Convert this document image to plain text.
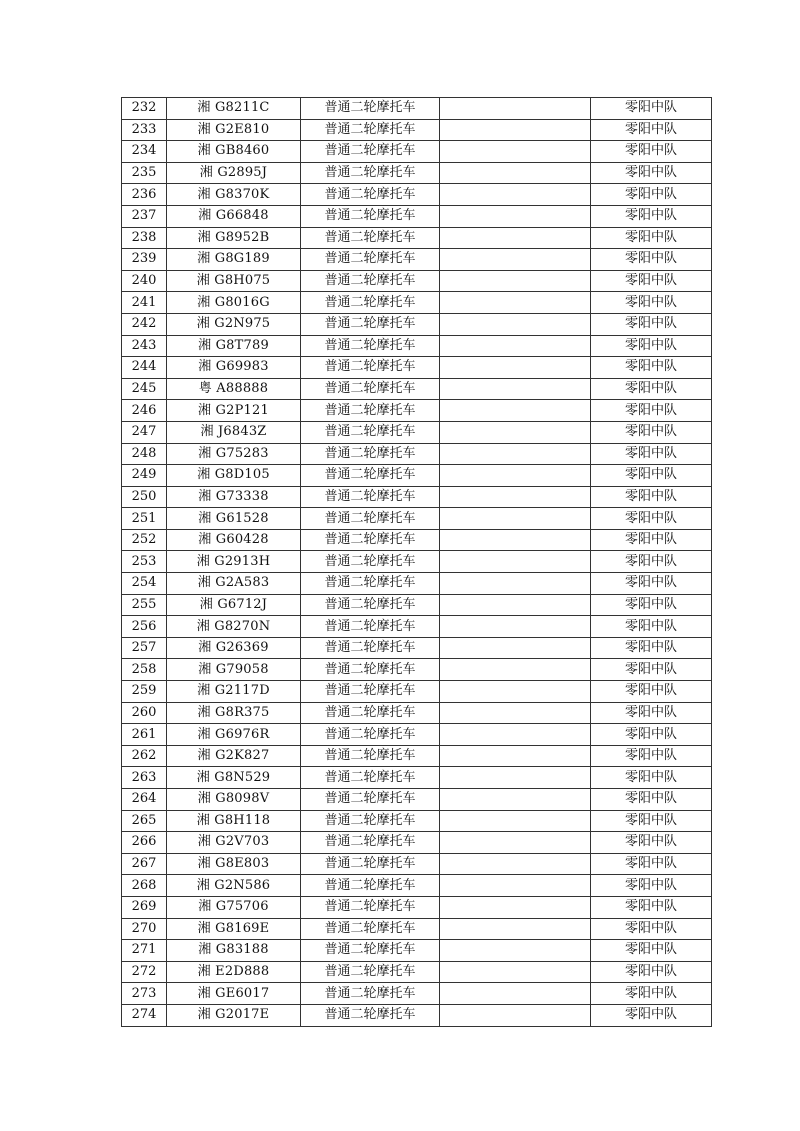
232	湘 G8211C	普通二轮摩托车		零阳中队
233	湘 G2E810	普通二轮摩托车		零阳中队
234	湘 GB8460	普通二轮摩托车		零阳中队
235	湘 G2895J	普通二轮摩托车		零阳中队
236	湘 G8370K	普通二轮摩托车		零阳中队
237	湘 G66848	普通二轮摩托车		零阳中队
238	湘 G8952B	普通二轮摩托车		零阳中队
239	湘 G8G189	普通二轮摩托车		零阳中队
240	湘 G8H075	普通二轮摩托车		零阳中队
241	湘 G8016G	普通二轮摩托车		零阳中队
242	湘 G2N975	普通二轮摩托车		零阳中队
243	湘 G8T789	普通二轮摩托车		零阳中队
244	湘 G69983	普通二轮摩托车		零阳中队
245	粤 A88888	普通二轮摩托车		零阳中队
246	湘 G2P121	普通二轮摩托车		零阳中队
247	湘 J6843Z	普通二轮摩托车		零阳中队
248	湘 G75283	普通二轮摩托车		零阳中队
249	湘 G8D105	普通二轮摩托车		零阳中队
250	湘 G73338	普通二轮摩托车		零阳中队
251	湘 G61528	普通二轮摩托车		零阳中队
252	湘 G60428	普通二轮摩托车		零阳中队
253	湘 G2913H	普通二轮摩托车		零阳中队
254	湘 G2A583	普通二轮摩托车		零阳中队
255	湘 G6712J	普通二轮摩托车		零阳中队
256	湘 G8270N	普通二轮摩托车		零阳中队
257	湘 G26369	普通二轮摩托车		零阳中队
258	湘 G79058	普通二轮摩托车		零阳中队
259	湘 G2117D	普通二轮摩托车		零阳中队
260	湘 G8R375	普通二轮摩托车		零阳中队
261	湘 G6976R	普通二轮摩托车		零阳中队
262	湘 G2K827	普通二轮摩托车		零阳中队
263	湘 G8N529	普通二轮摩托车		零阳中队
264	湘 G8098V	普通二轮摩托车		零阳中队
265	湘 G8H118	普通二轮摩托车		零阳中队
266	湘 G2V703	普通二轮摩托车		零阳中队
267	湘 G8E803	普通二轮摩托车		零阳中队
268	湘 G2N586	普通二轮摩托车		零阳中队
269	湘 G75706	普通二轮摩托车		零阳中队
270	湘 G8169E	普通二轮摩托车		零阳中队
271	湘 G83188	普通二轮摩托车		零阳中队
272	湘 E2D888	普通二轮摩托车		零阳中队
273	湘 GE6017	普通二轮摩托车		零阳中队
274	湘 G2017E	普通二轮摩托车		零阳中队
